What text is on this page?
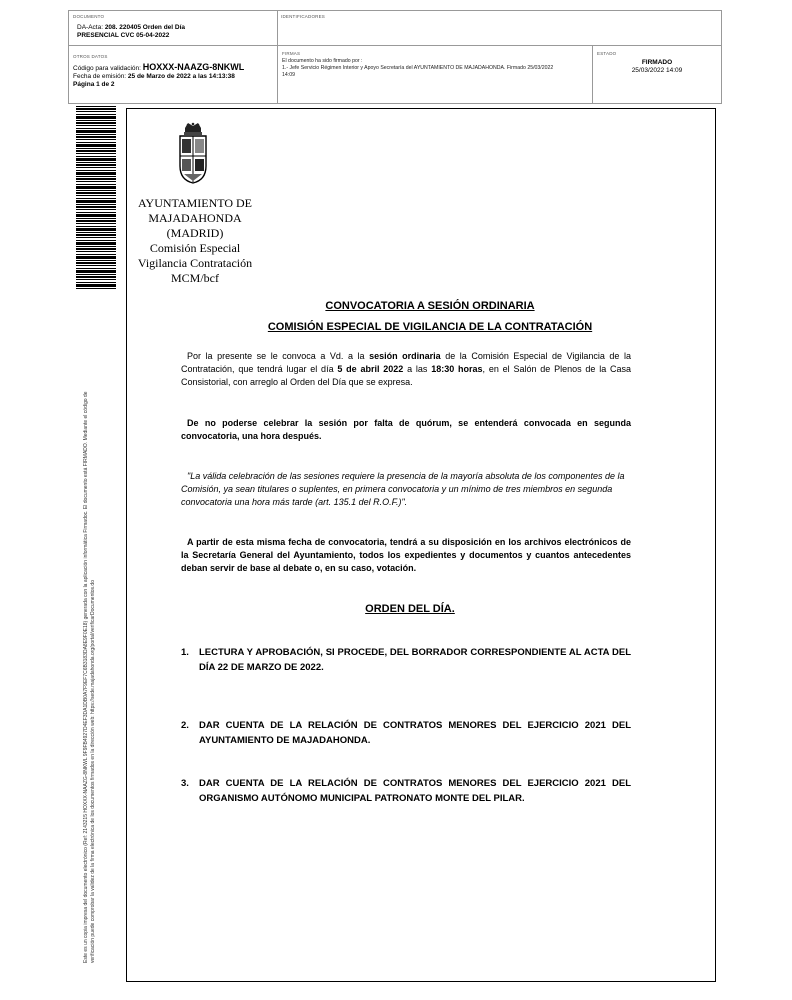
DOCUMENTO
DA-Acta: 208. 220405 Orden del Día
PRESENCIAL CVC 05-04-2022
IDENTIFICADORES
OTROS DATOS
Código para validación: HOXXX-NAAZG-8NKWL
Fecha de emisión: 25 de Marzo de 2022 a las 14:13:38
Página 1 de 2
FIRMAS
El documento ha sido firmado por :
1.- Jefe Servicio Régimen Interior y Apoyo Secretaría del AYUNTAMIENTO DE MAJADAHONDA. Firmado 25/03/2022
14:09
ESTADO
FIRMADO
25/03/2022 14:09
Este es un copia impresa del documento electrónico (Ref: 2143215 HOXXX-NAAZG-8NKWL 9F9FB4927D4EF3DA1DB0A7F9EF7C6B3183DA8E9F0E18) generada con la aplicación informática Firmadoc. El documento está FIRMADO. Mediante el código de verificación puede comprobar la validez de la firma electrónica de los documentos firmados en la dirección web: https://sede.majadahonda.org/portal/verificarDocumentos.do
AYUNTAMIENTO DE
MAJADAHONDA
(MADRID)
Comisión Especial
Vigilancia Contratación
MCM/bcf
CONVOCATORIA A SESIÓN ORDINARIA
COMISIÓN ESPECIAL DE VIGILANCIA DE LA CONTRATACIÓN
Por la presente se le convoca a Vd. a la sesión ordinaria de la Comisión Especial de Vigilancia de la Contratación, que tendrá lugar el día 5 de abril 2022 a las 18:30 horas, en el Salón de Plenos de la Casa Consistorial, con arreglo al Orden del Día que se expresa.
De no poderse celebrar la sesión por falta de quórum, se entenderá convocada en segunda convocatoria, una hora después.
"La válida celebración de las sesiones requiere la presencia de la mayoría absoluta de los componentes de la Comisión, ya sean titulares o suplentes, en primera convocatoria y un mínimo de tres miembros en segunda convocatoria una hora más tarde (art. 135.1 del R.O.F.)".
A partir de esta misma fecha de convocatoria, tendrá a su disposición en los archivos electrónicos de la Secretaría General del Ayuntamiento, todos los expedientes y documentos y cuantos antecedentes deban servir de base al debate o, en su caso, votación.
ORDEN DEL DÍA.
1. LECTURA Y APROBACIÓN, SI PROCEDE, DEL BORRADOR CORRESPONDIENTE AL ACTA DEL DÍA 22 DE MARZO DE 2022.
2. DAR CUENTA DE LA RELACIÓN DE CONTRATOS MENORES DEL EJERCICIO 2021 DEL AYUNTAMIENTO DE MAJADAHONDA.
3. DAR CUENTA DE LA RELACIÓN DE CONTRATOS MENORES DEL EJERCICIO 2021 DEL ORGANISMO AUTÓNOMO MUNICIPAL PATRONATO MONTE DEL PILAR.
